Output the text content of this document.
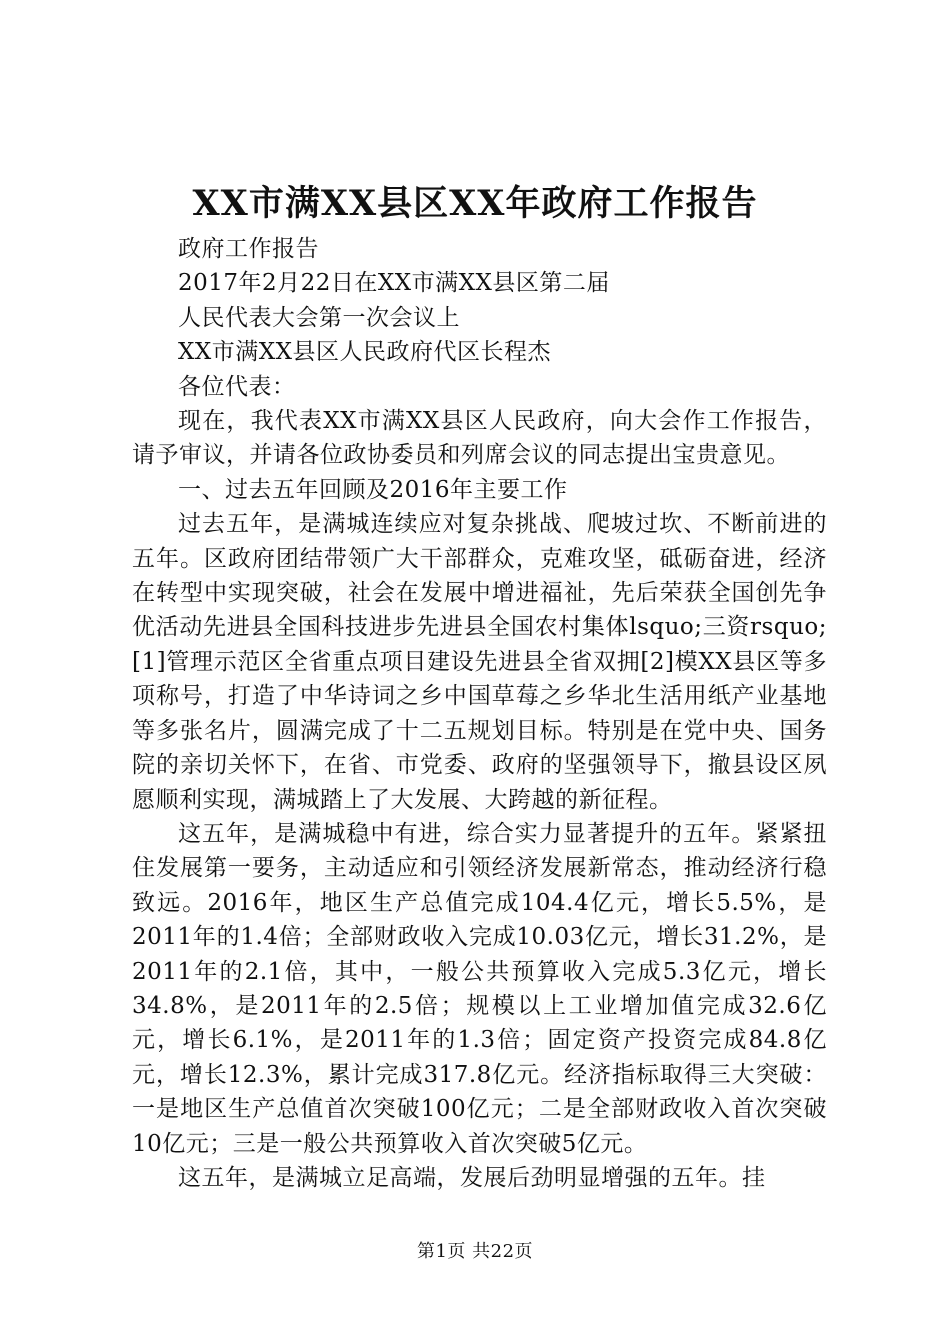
XX市满XX县区XX年政府工作报告

政府工作报告

2017年2月22日在XX市满XX县区第二届

人民代表大会第一次会议上

XX市满XX县区人民政府代区长程杰

各位代表：

现在，我代表XX市满XX县区人民政府，向大会作工作报告，请予审议，并请各位政协委员和列席会议的同志提出宝贵意见。

一、过去五年回顾及2016年主要工作

过去五年，是满城连续应对复杂挑战、爬坡过坎、不断前进的五年。区政府团结带领广大干部群众，克难攻坚，砥砺奋进，经济在转型中实现突破，社会在发展中增进福祉，先后荣获全国创先争优活动先进县全国科技进步先进县全国农村集体lsquo;三资rsquo;[1]管理示范区全省重点项目建设先进县全省双拥[2]模XX县区等多项称号，打造了中华诗词之乡中国草莓之乡华北生活用纸产业基地等多张名片，圆满完成了十二五规划目标。特别是在党中央、国务院的亲切关怀下，在省、市党委、政府的坚强领导下，撤县设区夙愿顺利实现，满城踏上了大发展、大跨越的新征程。

这五年，是满城稳中有进，综合实力显著提升的五年。紧紧扭住发展第一要务，主动适应和引领经济发展新常态，推动经济行稳致远。2016年，地区生产总值完成104.4亿元，增长5.5%，是2011年的1.4倍；全部财政收入完成10.03亿元，增长31.2%，是2011年的2.1倍，其中，一般公共预算收入完成5.3亿元，增长34.8%，是2011年的2.5倍；规模以上工业增加值完成32.6亿元，增长6.1%，是2011年的1.3倍；固定资产投资完成84.8亿元，增长12.3%，累计完成317.8亿元。经济指标取得三大突破：一是地区生产总值首次突破100亿元；二是全部财政收入首次突破10亿元；三是一般公共预算收入首次突破5亿元。

这五年，是满城立足高端，发展后劲明显增强的五年。挂

第1页 共22页
